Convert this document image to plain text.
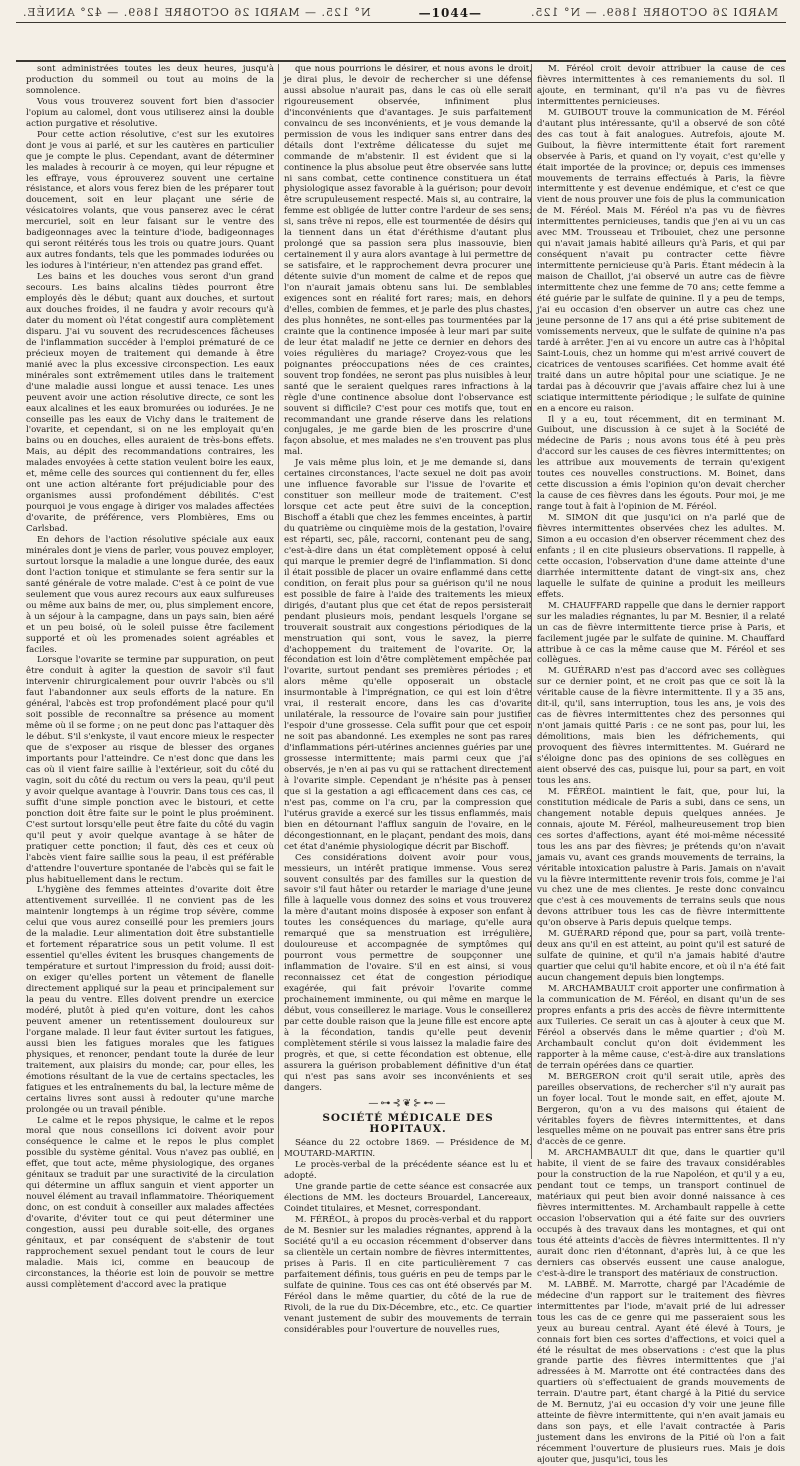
N° 125. — MARDI 26 OCTOBRE 1869. — 42° ANNÉE.	—1044—	MARDI 26 OCTOBRE 1869. — N° 125.

sont administrées toutes les deux heures, jusqu'à production du sommeil ou tout au moins de la somnolence.

Vous vous trouverez souvent fort bien d'associer l'opium au calomel, dont vous utiliserez ainsi la double action purgative et résolutive.

Pour cette action résolutive, c'est sur les exutoires dont je vous ai parlé, et sur les cautères en particulier que je compte le plus. Cependant, avant de déterminer les malades à recourir à ce moyen, qui leur répugne et les effraye, vous éprouverez souvent une certaine résistance, et alors vous ferez bien de les préparer tout doucement, soit en leur plaçant une série de vésicatoires volants, que vous panserez avec le cérat mercuriel, soit en leur faisant sur le ventre des badigeonnages avec la teinture d'iode, badigeonnages qui seront réitérés tous les trois ou quatre jours. Quant aux autres fondants, tels que les pommades iodurées ou les iodures à l'intérieur, n'en attendez pas grand effet.

Les bains et les douches vous seront d'un grand secours. Les bains alcalins tièdes pourront être employés dès le début; quant aux douches, et surtout aux douches froides, il ne faudra y avoir recours qu'à dater du moment où l'état congestif aura complètement disparu. J'ai vu souvent des recrudescences fâcheuses de l'inflammation succéder à l'emploi prématuré de ce précieux moyen de traitement qui demande à être manié avec la plus excessive circonspection. Les eaux minérales sont extrêmement utiles dans le traitement d'une maladie aussi longue et aussi tenace. Les unes peuvent avoir une action résolutive directe, ce sont les eaux alcalines et les eaux bromurées ou iodurées. Je ne conseille pas les eaux de Vichy dans le traitement de l'ovarite, et cependant, si on ne les employait qu'en bains ou en douches, elles auraient de très-bons effets. Mais, au dépit des recommandations contraires, les malades envoyées à cette station veulent boire les eaux, et, même celle des sources qui contiennent du fer, elles ont une action altérante fort préjudiciable pour des organismes aussi profondément débilités. C'est pourquoi je vous engage à diriger vos malades affectées d'ovarite, de préférence, vers Plombières, Ems ou Carlsbad.

En dehors de l'action résolutive spéciale aux eaux minérales dont je viens de parler, vous pouvez employer, surtout lorsque la maladie a une longue durée, des eaux dont l'action tonique et stimulante se fera sentir sur la santé générale de votre malade. C'est à ce point de vue seulement que vous aurez recours aux eaux sulfureuses ou même aux bains de mer, ou, plus simplement encore, à un séjour à la campagne, dans un pays sain, bien aéré et un peu boisé, où le soleil puisse être facilement supporté et où les promenades soient agréables et faciles.

Lorsque l'ovarite se termine par suppuration, on peut être conduit à agiter la question de savoir s'il faut intervenir chirurgicalement pour ouvrir l'abcès ou s'il faut l'abandonner aux seuls efforts de la nature. En général, l'abcès est trop profondément placé pour qu'il soit possible de reconnaître sa présence au moment même où il se forme ; on ne peut donc pas l'attaquer dès le début. S'il s'enkyste, il vaut encore mieux le respecter que de s'exposer au risque de blesser des organes importants pour l'atteindre. Ce n'est donc que dans les cas où il vient faire saillie à l'extérieur, soit du côté du vagin, soit du côté du rectum ou vers la peau, qu'il peut y avoir quelque avantage à l'ouvrir. Dans tous ces cas, il suffit d'une simple ponction avec le bistouri, et cette ponction doit être faite sur le point le plus proéminent. C'est surtout lorsqu'elle peut être faite du côté du vagin qu'il peut y avoir quelque avantage à se hâter de pratiquer cette ponction; il faut, dès ces et ceux où l'abcès vient faire saillie sous la peau, il est préférable d'attendre l'ouverture spontanée de l'abcès qui se fait le plus habituellement dans le rectum.

L'hygiène des femmes atteintes d'ovarite doit être attentivement surveillée. Il ne convient pas de les maintenir longtemps à un régime trop sévère, comme celui que vous aurez conseillé pour les premiers jours de la maladie. Leur alimentation doit être substantielle et fortement réparatrice sous un petit volume. Il est essentiel qu'elles évitent les brusques changements de température et surtout l'impression du froid; aussi doit-on exiger qu'elles portent un vêtement de flanelle directement appliqué sur la peau et principalement sur la peau du ventre. Elles doivent prendre un exercice modéré, plutôt à pied qu'en voiture, dont les cahos peuvent amener un retentissement douloureux sur l'organe malade. Il leur faut éviter surtout les fatigues, aussi bien les fatigues morales que les fatigues physiques, et renoncer, pendant toute la durée de leur traitement, aux plaisirs du monde; car, pour elles, les émotions résultant de la vue de certains spectacles, les fatigues et les entraînements du bal, la lecture même de certains livres sont aussi à redouter qu'une marche prolongée ou un travail pénible.

Le calme et le repos physique, le calme et le repos moral que nous conseillons ici doivent avoir pour conséquence le calme et le repos le plus complet possible du système génital. Vous n'avez pas oublié, en effet, que tout acte, même physiologique, des organes génitaux se traduit par une suractivité de la circulation qui détermine un afflux sanguin et vient apporter un nouvel élément au travail inflammatoire. Théoriquement donc, on est conduit à conseiller aux malades affectées d'ovarite, d'éviter tout ce qui peut déterminer une congestion, aussi peu durable soit-elle, des organes génitaux, et par conséquent de s'abstenir de tout rapprochement sexuel pendant tout le cours de leur maladie. Mais ici, comme en beaucoup de circonstances, la théorie est loin de pouvoir se mettre aussi complètement d'accord avec la pratique

que nous pourrions le désirer, et nous avons le droit, je dirai plus, le devoir de rechercher si une défense aussi absolue n'aurait pas, dans le cas où elle serait rigoureusement observée, infiniment plus d'inconvénients que d'avantages. Je suis parfaitement convaincu de ses inconvénients, et je vous demande la permission de vous les indiquer sans entrer dans des détails dont l'extrême délicatesse du sujet me commande de m'abstenir. Il est évident que si la continence la plus absolue peut être observée sans lutte ni sans combat, cette continence constituera un état physiologique assez favorable à la guérison; pour devoir être scrupuleusement respecté. Mais si, au contraire, la femme est obligée de lutter contre l'ardeur de ses sens; si, sans trêve ni repos, elle est tourmentée de désirs qui la tiennent dans un état d'éréthisme d'autant plus prolongé que sa passion sera plus inassouvie, bien certainement il y aura alors avantage à lui permettre de se satisfaire, et le rapprochement devra procurer une détente suivie d'un moment de calme et de repos que l'on n'aurait jamais obtenu sans lui. De semblables exigences sont en réalité fort rares; mais, en dehors d'elles, combien de femmes, et je parle des plus chastes, des plus honnêtes, ne sont-elles pas tourmentées par la crainte que la continence imposée à leur mari par suite de leur état maladif ne jette ce dernier en dehors des voies régulières du mariage? Croyez-vous que les poignantes préoccupations nées de ces craintes, souvent trop fondées, ne seront pas plus nuisibles à leur santé que le seraient quelques rares infractions à la règle d'une continence absolue dont l'observance est souvent si difficile? C'est pour ces motifs que, tout en recommandant une grande réserve dans les relations conjugales, je me garde bien de les proscrire d'une façon absolue, et mes malades ne s'en trouvent pas plus mal.

Je vais même plus loin, et je me demande si, dans certaines circonstances, l'acte sexuel ne doit pas avoir une influence favorable sur l'issue de l'ovarite et constituer son meilleur mode de traitement. C'est lorsque cet acte peut être suivi de la conception. Bischoff a établi que chez les femmes enceintes, à partir du quatrième ou cinquième mois de la gestation, l'ovaire est réparti, sec, pâle, raccorni, contenant peu de sang, c'est-à-dire dans un état complètement opposé à celui qui marque le premier degré de l'inflammation. Si donc il était possible de placer un ovaire enflammé dans cette condition, on ferait plus pour sa guérison qu'il ne nous est possible de faire à l'aide des traitements les mieux dirigés, d'autant plus que cet état de repos persisterait pendant plusieurs mois, pendant lesquels l'organe se trouverait soustrait aux congestions périodiques de la menstruation qui sont, vous le savez, la pierre d'achoppement du traitement de l'ovarite. Or, la fécondation est loin d'être complètement empêchée par l'ovarite, surtout pendant ses premières périodes ; et alors même qu'elle opposerait un obstacle insurmontable à l'imprégnation, ce qui est loin d'être vrai, il resterait encore, dans les cas d'ovarite unilatérale, la ressource de l'ovaire sain pour justifier l'espoir d'une grossesse. Cela suffit pour que cet espoir ne soit pas abandonné. Les exemples ne sont pas rares d'inflammations péri-utérines anciennes guéries par une grossesse intermittente; mais parmi ceux que j'ai observés, je n'en ai pas vu qui se rattachent directement à l'ovarite simple. Cependant je n'hésite pas à penser que si la gestation a agi efficacement dans ces cas, ce n'est pas, comme on l'a cru, par la compression que l'utérus gravide a exercé sur les tissus enflammés, mais bien en détournant l'afflux sanguin de l'ovaire, en le décongestionnant, en le plaçant, pendant des mois, dans cet état d'anémie physiologique décrit par Bischoff.

Ces considérations doivent avoir pour vous, messieurs, un intérêt pratique immense. Vous serez souvent consultés par des familles sur la question de savoir s'il faut hâter ou retarder le mariage d'une jeune fille à laquelle vous donnez des soins et vous trouverez la mère d'autant moins disposée à exposer son enfant à toutes les conséquences du mariage, qu'elle aura remarqué que sa menstruation est irrégulière, douloureuse et accompagnée de symptômes qui pourront vous permettre de soupçonner une inflammation de l'ovaire. S'il en est ainsi, si vous reconnaissez cet état de congestion périodique exagérée, qui fait prévoir l'ovarite comme prochainement imminente, ou qui même en marque le début, vous conseillerez le mariage. Vous le conseillerez par cette double raison que la jeune fille est encore apte à la fécondation, tandis qu'elle peut devenir complètement stérile si vous laissez la maladie faire des progrès, et que, si cette fécondation est obtenue, elle assurera la guérison probablement définitive d'un état qui n'est pas sans avoir ses inconvénients et ses dangers.

—⊶⊰❦⊱⊷—
SOCIÉTÉ MÉDICALE DES HOPITAUX.

Séance du 22 octobre 1869. — Présidence de M. MOUTARD-MARTIN.

Le procès-verbal de la précédente séance est lu et adopté.

Une grande partie de cette séance est consacrée aux élections de MM. les docteurs Brouardel, Lancereaux, Coindet titulaires, et Mesnet, correspondant.

M. FÉRÉOL, à propos du procès-verbal et du rapport de M. Besnier sur les maladies régnantes, apprend à la Société qu'il a eu occasion récemment d'observer dans sa clientèle un certain nombre de fièvres intermittentes, prises à Paris. Il en cite particulièrement 7 cas parfaitement définis, tous guéris en peu de temps par le sulfate de quinine. Tous ces cas ont été observés par M. Féréol dans le même quartier, du côté de la rue de Rivoli, de la rue du Dix-Décembre, etc., etc. Ce quartier venant justement de subir des mouvements de terrain considérables pour l'ouverture de nouvelles rues,

M. Féréol croit devoir attribuer la cause de ces fièvres intermittentes à ces remaniements du sol. Il ajoute, en terminant, qu'il n'a pas vu de fièvres intermittentes pernicieuses.

M. GUIBOUT trouve la communication de M. Féréol d'autant plus intéressante, qu'il a observé de son côté des cas tout à fait analogues. Autrefois, ajoute M. Guibout, la fièvre intermittente était fort rarement observée à Paris, et quand on l'y voyait, c'est qu'elle y était importée de la province; or, depuis ces immenses mouvements de terrains effectués à Paris, la fièvre intermittente y est devenue endémique, et c'est ce que vient de nous prouver une fois de plus la communication de M. Féréol. Mais M. Féréol n'a pas vu de fièvres intermittentes pernicieuses, tandis que j'en ai vu un cas avec MM. Trousseau et Tribouiet, chez une personne qui n'avait jamais habité ailleurs qu'à Paris, et qui par conséquent n'avait pu contracter cette fièvre intermittente pernicieuse qu'à Paris. Étant médecin à la maison de Chaillot, j'ai observé un autre cas de fièvre intermittente chez une femme de 70 ans; cette femme a été guérie par le sulfate de quinine. Il y a peu de temps, j'ai eu occasion d'en observer un autre cas chez une jeune personne de 17 ans qui a été prise subitement de vomissements nerveux, que le sulfate de quinine n'a pas tardé à arrêter. J'en ai vu encore un autre cas à l'hôpital Saint-Louis, chez un homme qui m'est arrivé couvert de cicatrices de ventouses scarifiées. Cet homme avait été traité dans un autre hôpital pour une sciatique. Je ne tardai pas à découvrir que j'avais affaire chez lui à une sciatique intermittente périodique ; le sulfate de quinine en a encore eu raison.

Il y a eu, tout récemment, dit en terminant M. Guibout, une discussion à ce sujet à la Société de médecine de Paris ; nous avons tous été à peu près d'accord sur les causes de ces fièvres intermittentes; on les attribue aux mouvements de terrain qu'exigent toutes ces nouvelles constructions. M. Boinet, dans cette discussion a émis l'opinion qu'on devait chercher la cause de ces fièvres dans les égouts. Pour moi, je me range tout à fait à l'opinion de M. Féréol.

M. SIMON dit que jusqu'ici on n'a parlé que de fièvres intermittentes observées chez les adultes. M. Simon a eu occasion d'en observer récemment chez des enfants ; il en cite plusieurs observations. Il rappelle, à cette occasion, l'observation d'une dame atteinte d'une diarrhée intermittente datant de vingt-six ans, chez laquelle le sulfate de quinine a produit les meilleurs effets.

M. CHAUFFARD rappelle que dans le dernier rapport sur les maladies régnantes, lu par M. Besnier, il a relaté un cas de fièvre intermittente tierce prise à Paris, et facilement jugée par le sulfate de quinine. M. Chauffard attribue à ce cas la même cause que M. Féréol et ses collègues.

M. GUÉRARD n'est pas d'accord avec ses collègues sur ce dernier point, et ne croit pas que ce soit là la véritable cause de la fièvre intermittente. Il y a 35 ans, dit-il, qu'il, sans interruption, tous les ans, je vois des cas de fièvres intermittentes chez des personnes qui n'ont jamais quitté Paris : ce ne sont pas, pour lui, les démolitions, mais bien les défrichements, qui provoquent des fièvres intermittentes. M. Guérard ne s'éloigne donc pas des opinions de ses collègues en aient observé des cas, puisque lui, pour sa part, en voit tous les ans.

M. FÉRÉOL maintient le fait, que, pour lui, la constitution médicale de Paris a subi, dans ce sens, un changement notable depuis quelques années. Je connais, ajoute M. Féréol, malheureusement trop bien ces sortes d'affections, ayant été moi-même nécessité tous les ans par des fièvres; je prétends qu'on n'avait jamais vu, avant ces grands mouvements de terrains, la véritable intoxication palustre à Paris. Jamais on n'avait vu la fièvre intermittente revenir trois fois, comme je l'ai vu chez une de mes clientes. Je reste donc convaincu que c'est à ces mouvements de terrains seuls que nous devons attribuer tous les cas de fièvre intermittente qu'on observe à Paris depuis quelque temps.

M. GUÉRARD répond que, pour sa part, voilà trente-deux ans qu'il en est atteint, au point qu'il est saturé de sulfate de quinine, et qu'il n'a jamais habité d'autre quartier que celui qu'il habite encore, et où il n'a été fait aucun changement depuis bien longtemps.

M. ARCHAMBAULT croit apporter une confirmation à la communication de M. Féréol, en disant qu'un de ses propres enfants a pris des accès de fièvre intermittente aux Tuileries. Ce serait un cas à ajouter à ceux que M. Féréol a observés dans le même quartier ; d'où M. Archambault conclut qu'on doit évidemment les rapporter à la même cause, c'est-à-dire aux translations de terrain opérées dans ce quartier.

M. BERGERON croit qu'il serait utile, après des pareilles observations, de rechercher s'il n'y aurait pas un foyer local. Tout le monde sait, en effet, ajoute M. Bergeron, qu'on a vu des maisons qui étaient de véritables foyers de fièvres intermittentes, et dans lesquelles même on ne pouvait pas entrer sans être pris d'accès de ce genre.

M. ARCHAMBAULT dit que, dans le quartier qu'il habite, il vient de se faire des travaux considérables pour la construction de la rue Napoléon, et qu'il y a eu, pendant tout ce temps, un transport continuel de matériaux qui peut bien avoir donné naissance à ces fièvres intermittentes. M. Archambault rappelle à cette occasion l'observation qui a été faite sur des ouvriers occupés à des travaux dans les montagnes, et qui ont tous été atteints d'accès de fièvres intermittentes. Il n'y aurait donc rien d'étonnant, d'après lui, à ce que les derniers cas observés eussent une cause analogue, c'est-à-dire le transport des matériaux de construction.

M. LABBÉ. M. Marrotte, chargé par l'Académie de médecine d'un rapport sur le traitement des fièvres intermittentes par l'iode, m'avait prié de lui adresser tous les cas de ce genre qui me passeraient sous les yeux au bureau central. Ayant été élevé à Tours, je connais fort bien ces sortes d'affections, et voici quel a été le résultat de mes observations : c'est que la plus grande partie des fièvres intermittentes que j'ai adressées à M. Marrotte ont été contractées dans des quartiers où s'effectuaient de grands mouvements de terrain. D'autre part, étant chargé à la Pitié du service de M. Bernutz, j'ai eu occasion d'y voir une jeune fille atteinte de fièvre intermittente, qui n'en avait jamais eu dans son pays, et elle l'avait contractée à Paris justement dans les environs de la Pitié où l'on a fait récemment l'ouverture de plusieurs rues. Mais je dois ajouter que, jusqu'ici, tous les
